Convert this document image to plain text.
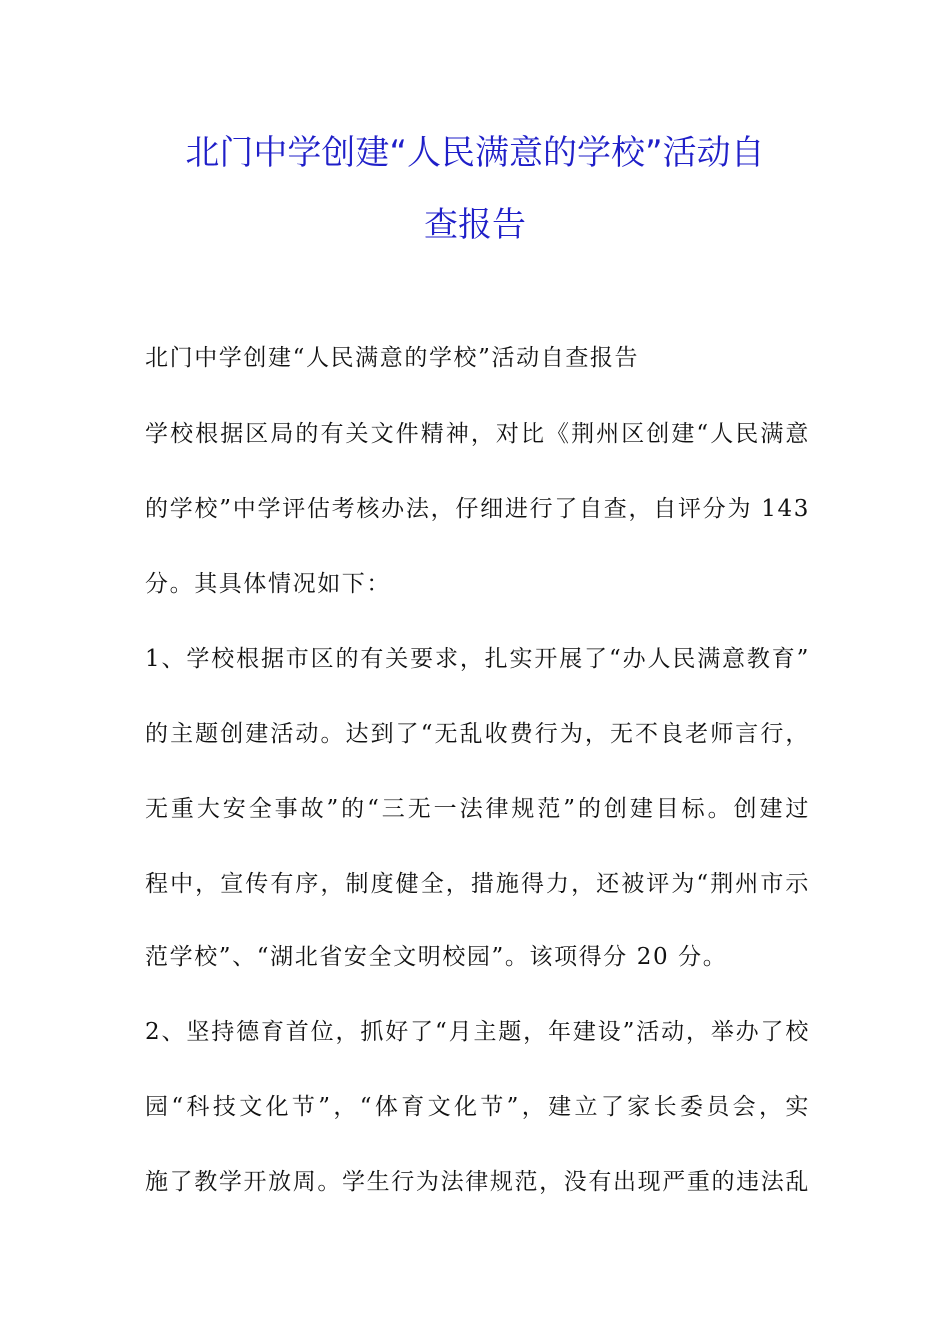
北门中学创建“人民满意的学校”活动自
查报告
北门中学创建“人民满意的学校”活动自查报告
学校根据区局的有关文件精神，对比《荆州区创建“人民满意
的学校”中学评估考核办法，仔细进行了自查，自评分为 143
分。其具体情况如下：
1、学校根据市区的有关要求，扎实开展了“办人民满意教育”
的主题创建活动。达到了“无乱收费行为，无不良老师言行，
无重大安全事故”的“三无一法律规范”的创建目标。创建过
程中，宣传有序，制度健全，措施得力，还被评为“荆州市示
范学校”、“湖北省安全文明校园”。该项得分 20 分。
2、坚持德育首位，抓好了“月主题，年建设”活动，举办了校
园“科技文化节”，“体育文化节”，建立了家长委员会，实
施了教学开放周。学生行为法律规范，没有出现严重的违法乱
